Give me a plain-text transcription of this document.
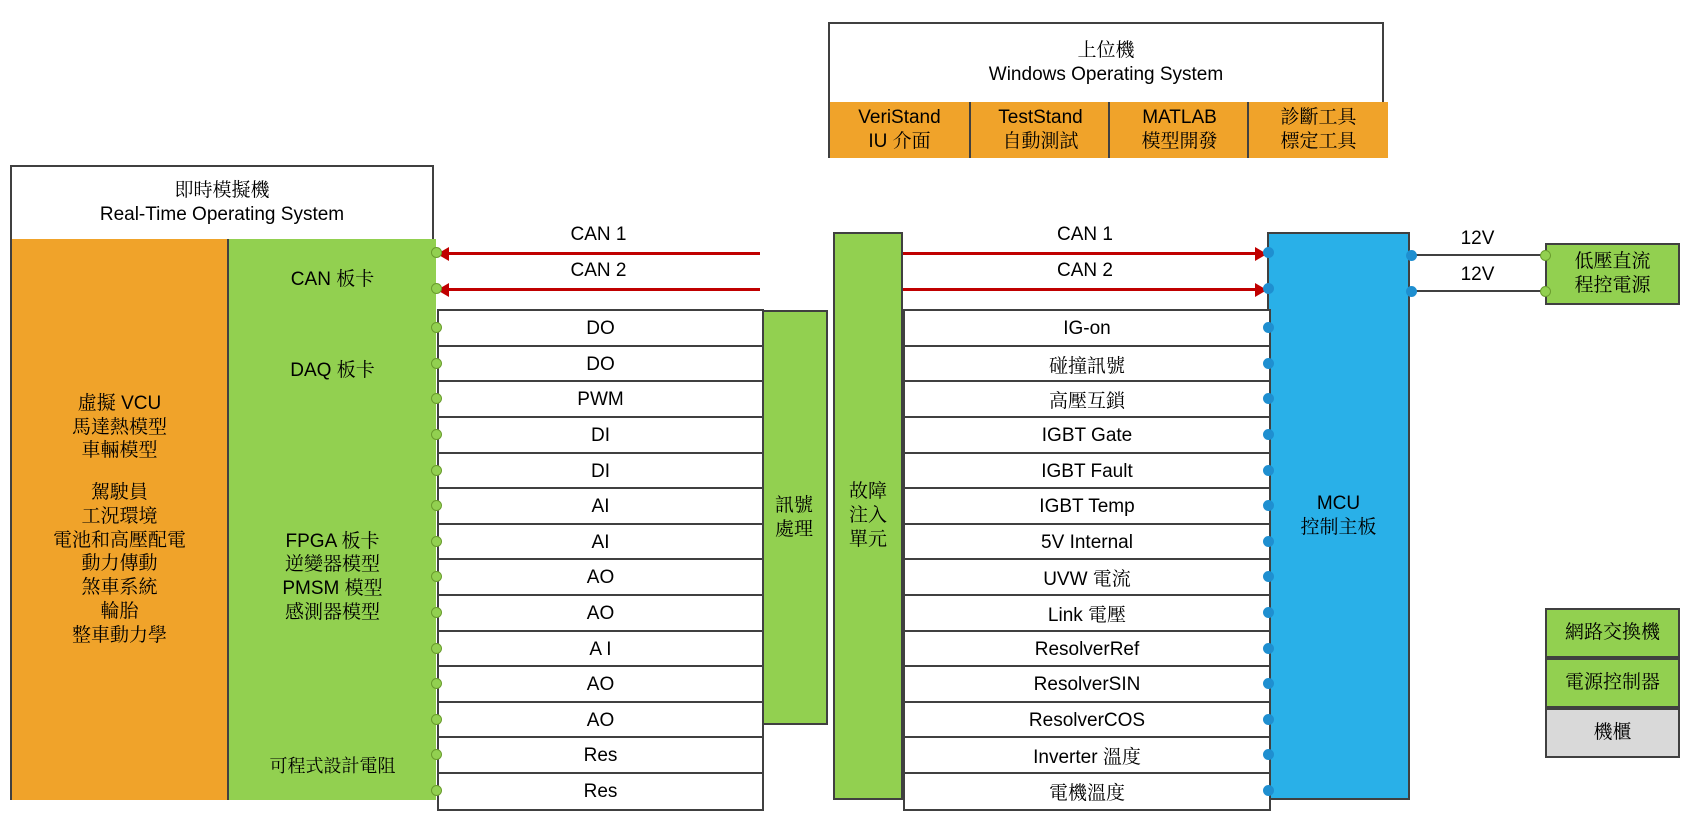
上位機
Windows Operating System
VeriStand
IU 介面
TestStand
自動測試
MATLAB
模型開發
診斷工具
標定工具
即時模擬機
Real-Time Operating System
虛擬 VCU
馬達熱模型
車輛模型
駕駛員
工況環境
電池和高壓配電
動力傳動
煞車系統
輪胎
整車動力學
CAN 板卡
DAQ 板卡
FPGA 板卡
逆變器模型
PMSM 模型
感測器模型
可程式設計電阻
訊號
處理
故障
注入
單元
MCU
控制主板
低壓直流
程控電源
網路交換機
電源控制器
機櫃
12V
12V
CAN 1	CAN 1
CAN 2	CAN 2
DO	IG-on
DO	碰撞訊號
PWM	高壓互鎖
DI	IGBT Gate
DI	IGBT Fault
AI	IGBT Temp
AI	5V Internal
AO	UVW 電流
AO	Link 電壓
A I	ResolverRef
AO	ResolverSIN
AO	ResolverCOS
Res	Inverter 溫度
Res	電機溫度
